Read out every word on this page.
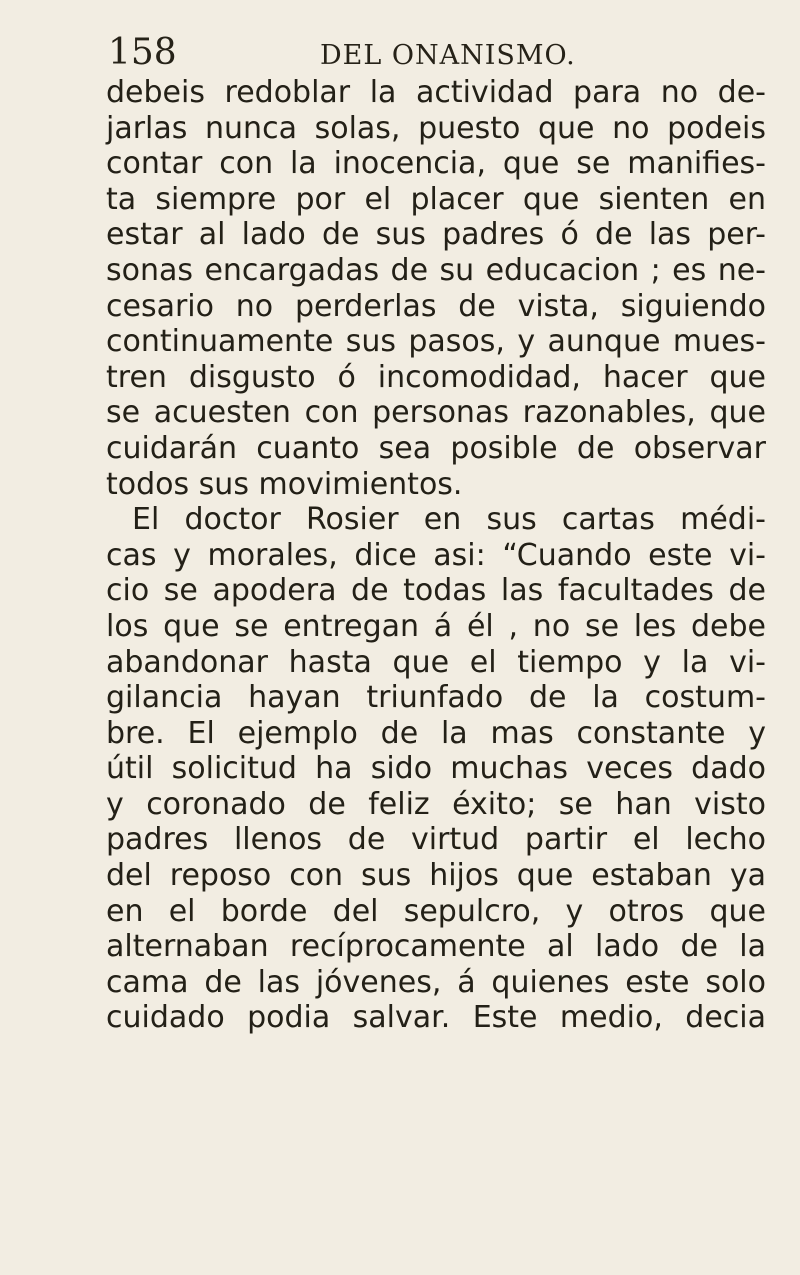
158	DEL ONANISMO.
debeis redoblar la actividad para no de-
jarlas nunca solas, puesto que no podeis
contar con la inocencia, que se manifies-
ta siempre por el placer que sienten en
estar al lado de sus padres ó de las per-
sonas encargadas de su educacion ; es ne-
cesario no perderlas de vista, siguiendo
continuamente sus pasos, y aunque mues-
tren disgusto ó incomodidad, hacer que
se acuesten con personas razonables, que
cuidarán cuanto sea posible de observar
todos sus movimientos.
El doctor Rosier en sus cartas médi-
cas y morales, dice asi: “Cuando este vi-
cio se apodera de todas las facultades de
los que se entregan á él , no se les debe
abandonar hasta que el tiempo y la vi-
gilancia hayan triunfado de la costum-
bre. El ejemplo de la mas constante y
útil solicitud ha sido muchas veces dado
y coronado de feliz éxito; se han visto
padres llenos de virtud partir el lecho
del reposo con sus hijos que estaban ya
en el borde del sepulcro, y otros que
alternaban recíprocamente al lado de la
cama de las jóvenes, á quienes este solo
cuidado podia salvar. Este medio, decia
